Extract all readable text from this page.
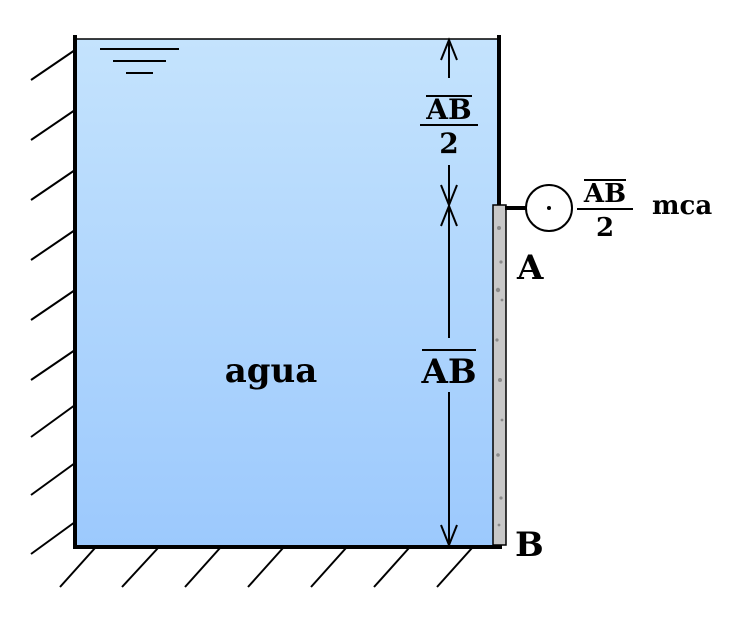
AB
2
AB
agua
AB
2
mca
A
B
